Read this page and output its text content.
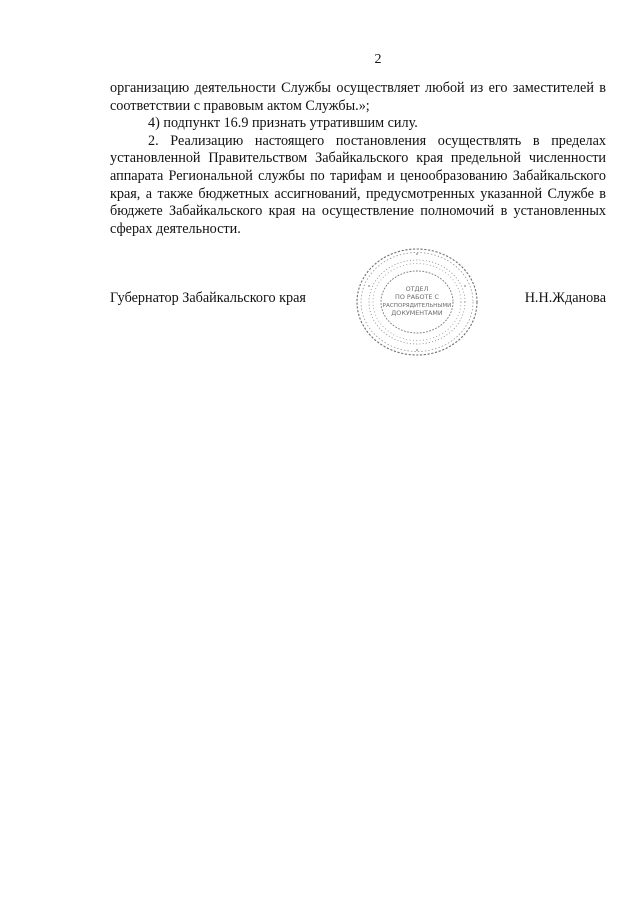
2

организацию деятельности Службы осуществляет любой из его заместителей в соответствии с правовым актом Службы.»;

4) подпункт 16.9 признать утратившим силу.

2. Реализацию настоящего постановления осуществлять в пределах установленной Правительством Забайкальского края предельной численности аппарата Региональной службы по тарифам и ценообразованию Забайкальского края, а также бюджетных ассигнований, предусмотренных указанной Службе в бюджете Забайкальского края на осуществление полномочий в установленных сферах деятельности.

Губернатор Забайкальского края	Н.Н.Жданова
ОТДЕЛ
ПО РАБОТЕ С
РАСПОРЯДИТЕЛЬНЫМИ
ДОКУМЕНТАМИ
